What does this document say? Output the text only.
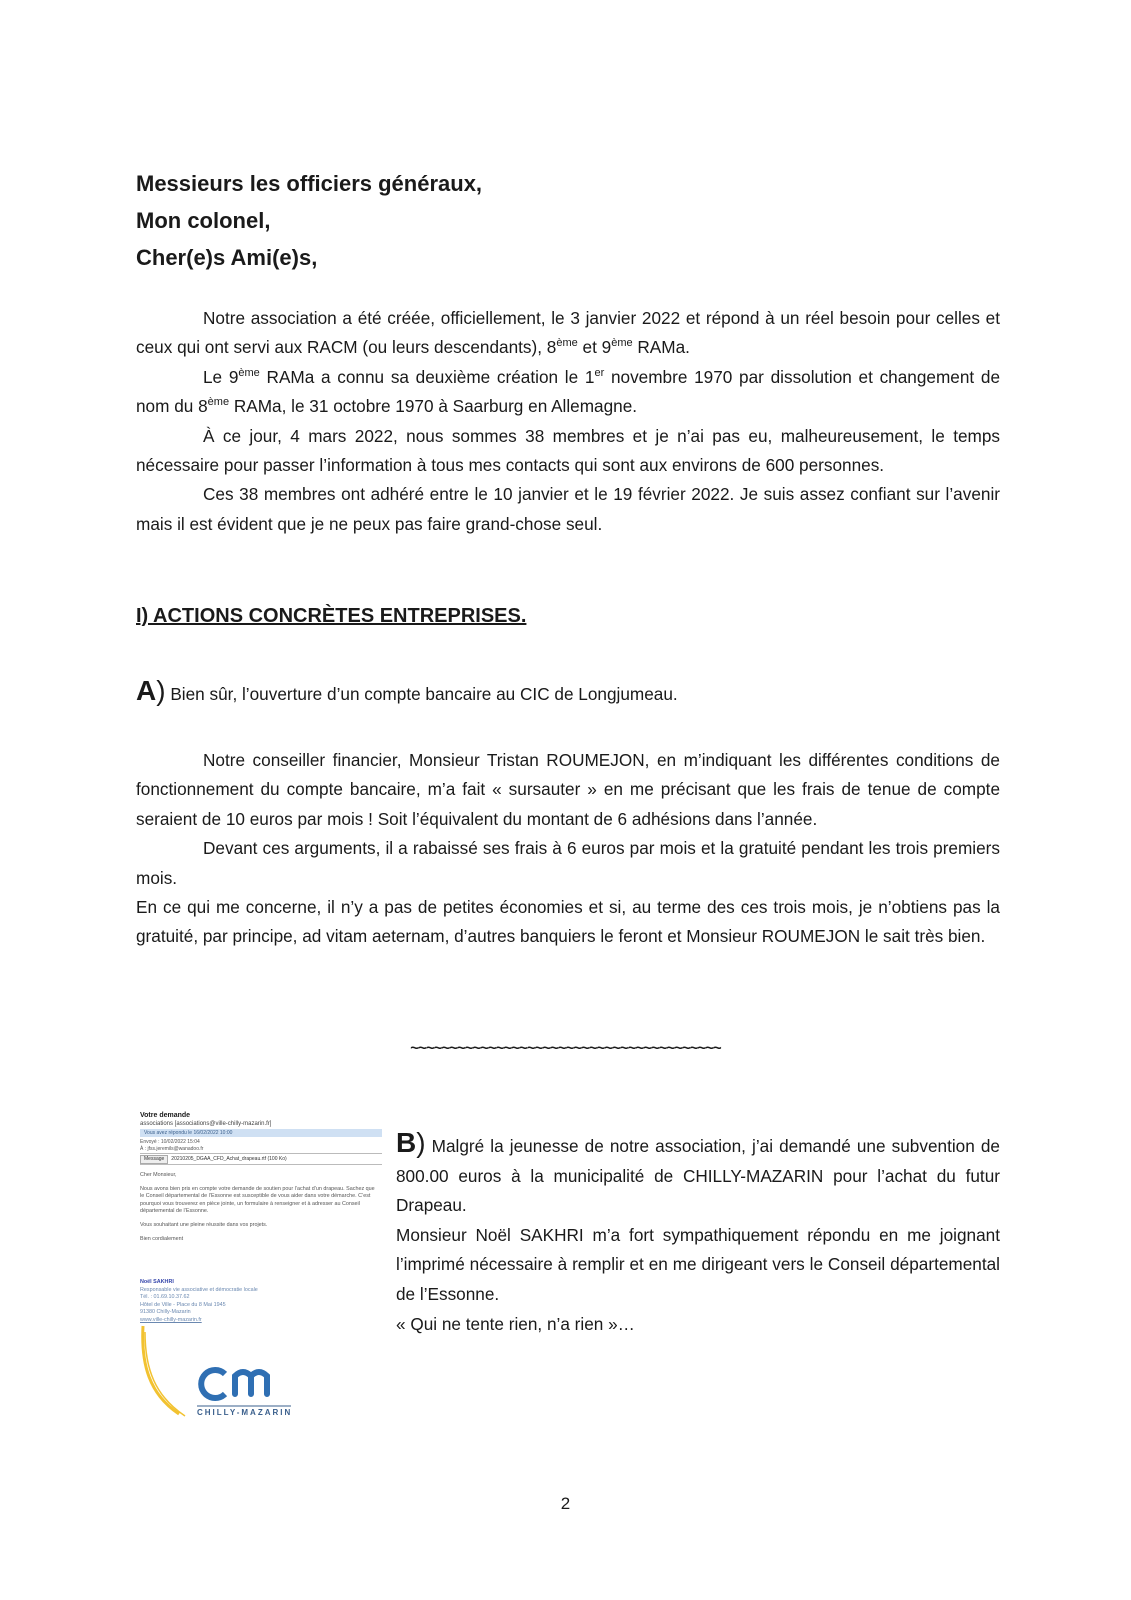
Messieurs les officiers généraux,
Mon colonel,
Cher(e)s Ami(e)s,

Notre association a été créée, officiellement, le 3 janvier 2022 et répond à un réel besoin pour celles et ceux qui ont servi aux RACM (ou leurs descendants), 8ème et 9ème RAMa.

Le 9ème RAMa a connu sa deuxième création le 1er novembre 1970 par dissolution et changement de nom du 8ème RAMa, le 31 octobre 1970 à Saarburg en Allemagne.

À ce jour, 4 mars 2022, nous sommes 38 membres et je n’ai pas eu, malheureusement, le temps nécessaire pour passer l’information à tous mes contacts qui sont aux environs de 600 personnes.

Ces 38 membres ont adhéré entre le 10 janvier et le 19 février 2022. Je suis assez confiant sur l’avenir mais il est évident que je ne peux pas faire grand-chose seul.

I) ACTIONS CONCRÈTES ENTREPRISES.
A) Bien sûr, l’ouverture d’un compte bancaire au CIC de Longjumeau.

Notre conseiller financier, Monsieur Tristan ROUMEJON, en m’indiquant les différentes conditions de fonctionnement du compte bancaire, m’a fait « sursauter » en me précisant que les frais de tenue de compte seraient de 10 euros par mois ! Soit l’équivalent du montant de 6 adhésions dans l’année.

Devant ces arguments, il a rabaissé ses frais à 6 euros par mois et la gratuité pendant les trois premiers mois.

En ce qui me concerne, il n’y a pas de petites économies et si, au terme des ces trois mois, je n’obtiens pas la gratuité, par principe, ad vitam aeternam, d’autres banquiers le feront et Monsieur ROUMEJON le sait très bien.

~~~~~~~~~~~~~~~~~~~~~~~~~~~~~~~~~~~~~~~~
Votre demande
associations [associations@ville-chilly-mazarin.fr]
Vous avez répondu le 16/02/2022 10:00
Envoyé : 10/02/2022 15:04
À : jfss.jeremils@wanadoo.fr
Message 20210205_DGAA_CFD_Achat_drapeau.rtf (100 Ko)

Cher Monsieur,

Nous avons bien pris en compte votre demande de soutien pour l’achat d’un drapeau. Sachez que le Conseil départemental de l’Essonne est susceptible de vous aider dans votre démarche. C’est pourquoi vous trouverez en pièce jointe, un formulaire à renseigner et à adresser au Conseil départemental de l’Essonne.

Vous souhaitant une pleine réussite dans vos projets.

Bien cordialement

Noël SAKHRI
Responsable vie associative et démocratie locale
Tél. : 01.69.10.37.62
Hôtel de Ville - Place du 8 Mai 1945
91380 Chilly-Mazarin
www.ville-chilly-mazarin.fr
CHILLY-MAZARIN

B) Malgré la jeunesse de notre association, j’ai demandé une subvention de 800.00 euros à la municipalité de CHILLY-MAZARIN pour l’achat du futur Drapeau.

Monsieur Noël SAKHRI m’a fort sympathiquement répondu en me joignant l’imprimé nécessaire à remplir et en me dirigeant vers le Conseil départemental de l’Essonne.

« Qui ne tente rien, n’a rien »…

2
